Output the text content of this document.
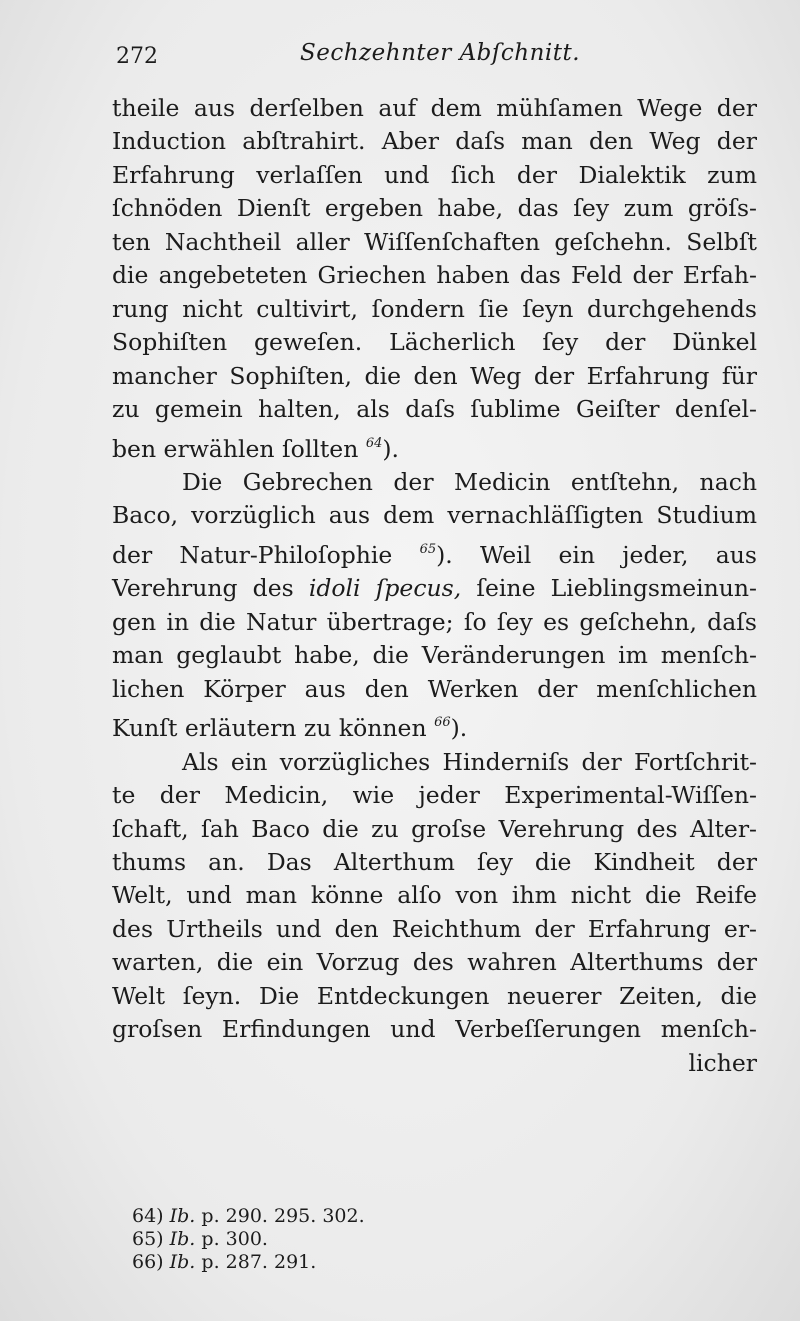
272	Sechzehnter Abſchnitt.
theile aus derſelben auf dem mühſamen Wege der
Induction abſtrahirt. Aber daſs man den Weg der
Erfahrung verlaſſen und ſich der Dialektik zum
ſchnöden Dienſt ergeben habe, das ſey zum gröſs-
ten Nachtheil aller Wiſſenſchaften geſchehn. Selbſt
die angebeteten Griechen haben das Feld der Erfah-
rung nicht cultivirt, ſondern ſie ſeyn durchgehends
Sophiſten geweſen. Lächerlich ſey der Dünkel
mancher Sophiſten, die den Weg der Erfahrung für
zu gemein halten, als daſs ſublime Geiſter denſel-
ben erwählen ſollten $^{64}$).
Die Gebrechen der Medicin entſtehn, nach
Baco, vorzüglich aus dem vernachläſſigten Studium
der Natur-Philoſophie $^{65}$). Weil ein jeder, aus
Verehrung des idoli ſpecus, ſeine Lieblingsmeinun-
gen in die Natur übertrage; ſo ſey es geſchehn, daſs
man geglaubt habe, die Veränderungen im menſch-
lichen Körper aus den Werken der menſchlichen
Kunſt erläutern zu können $^{66}$).
Als ein vorzügliches Hinderniſs der Fortſchrit-
te der Medicin, wie jeder Experimental-Wiſſen-
ſchaft, ſah Baco die zu groſse Verehrung des Alter-
thums an. Das Alterthum ſey die Kindheit der
Welt, und man könne alſo von ihm nicht die Reife
des Urtheils und den Reichthum der Erfahrung er-
warten, die ein Vorzug des wahren Alterthums der
Welt ſeyn. Die Entdeckungen neuerer Zeiten, die
groſsen Erfindungen und Verbeſſerungen menſch-
licher
64) Ib. p. 290. 295. 302.
65) Ib. p. 300.
66) Ib. p. 287. 291.
